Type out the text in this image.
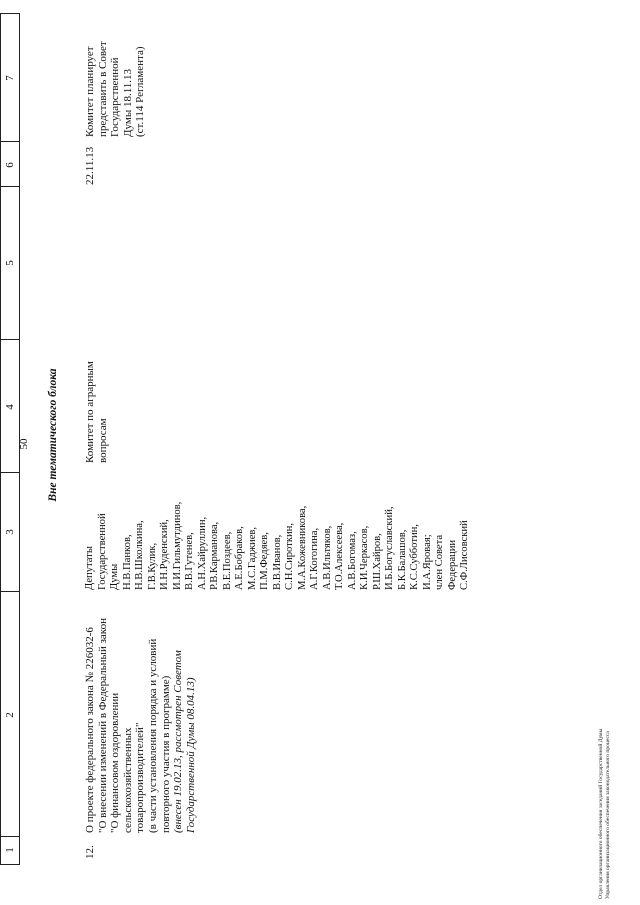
1
2
3
4
5
6
7
50 Вне тематического блока
12.
О проекте федерального закона № 226032-6 "О внесении изменений в Федеральный закон "О финансовом оздоровлении сельскохозяйственных товаропроизводителей" (в части установления порядка и условий повторного участия в программе) (внесен 19.02.13, рассмотрен Советом Государственной Думы 08.04.13)
Депутаты Государственной Думы Н.В.Панков, Н.В.Школкина, Г.В.Кулик, И.Н.Руденский, И.И.Гильмутдинов, В.В.Гутенев, А.Н.Хайруллин, Р.В.Карманова, В.Е.Поздеев, А.Е.Бобраков, М.С.Гаджиев, П.М.Федяев, В.В.Иванов, С.Н.Сироткин, М.А.Кожевникова, А.Г.Когогина, А.В.Ильтяков, Т.О.Алексеева, А.В.Богомаз, К.И.Черкасов, Р.Ш.Хайров, И.Б.Богуславский, Б.К.Балашов, К.С.Субботин, И.А.Яровая; член Совета Федерации С.Ф.Лисовский
Комитет по аграрным вопросам
22.11.13
Комитет планирует представить в Совет Государственной Думы 18.11.13 (ст.114 Регламента)
Отдел организационного обеспечения заседаний Государственной Думы Управления организационного обеспечения законодательного процесса
